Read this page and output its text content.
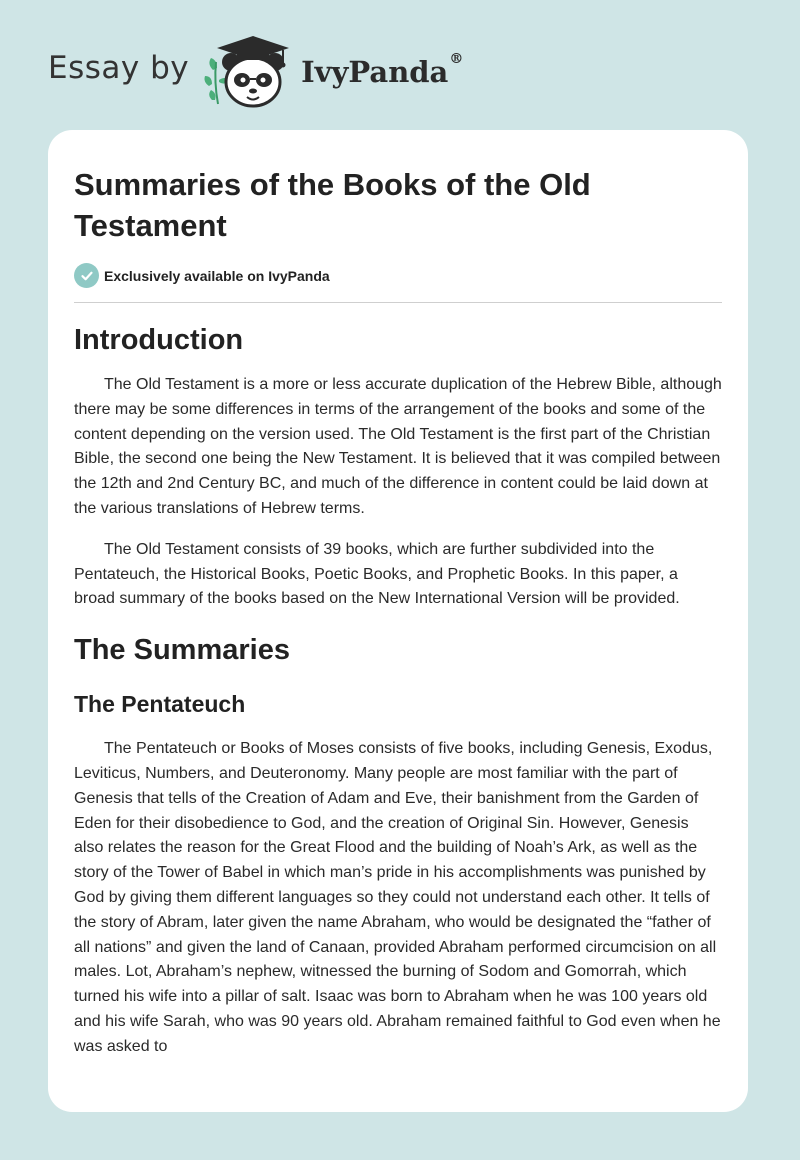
Essay by	IvyPanda®
Summaries of the Books of the Old Testament
Exclusively available on IvyPanda
Introduction

The Old Testament is a more or less accurate duplication of the Hebrew Bible, although there may be some differences in terms of the arrangement of the books and some of the content depending on the version used. The Old Testament is the first part of the Christian Bible, the second one being the New Testament. It is believed that it was compiled between the 12th and 2nd Century BC, and much of the difference in content could be laid down at the various translations of Hebrew terms.

The Old Testament consists of 39 books, which are further subdivided into the Pentateuch, the Historical Books, Poetic Books, and Prophetic Books. In this paper, a broad summary of the books based on the New International Version will be provided.

The Summaries
The Pentateuch

The Pentateuch or Books of Moses consists of five books, including Genesis, Exodus, Leviticus, Numbers, and Deuteronomy. Many people are most familiar with the part of Genesis that tells of the Creation of Adam and Eve, their banishment from the Garden of Eden for their disobedience to God, and the creation of Original Sin. However, Genesis also relates the reason for the Great Flood and the building of Noah’s Ark, as well as the story of the Tower of Babel in which man’s pride in his accomplishments was punished by God by giving them different languages so they could not understand each other. It tells of the story of Abram, later given the name Abraham, who would be designated the “father of all nations” and given the land of Canaan, provided Abraham performed circumcision on all males. Lot, Abraham’s nephew, witnessed the burning of Sodom and Gomorrah, which turned his wife into a pillar of salt. Isaac was born to Abraham when he was 100 years old and his wife Sarah, who was 90 years old. Abraham remained faithful to God even when he was asked to
